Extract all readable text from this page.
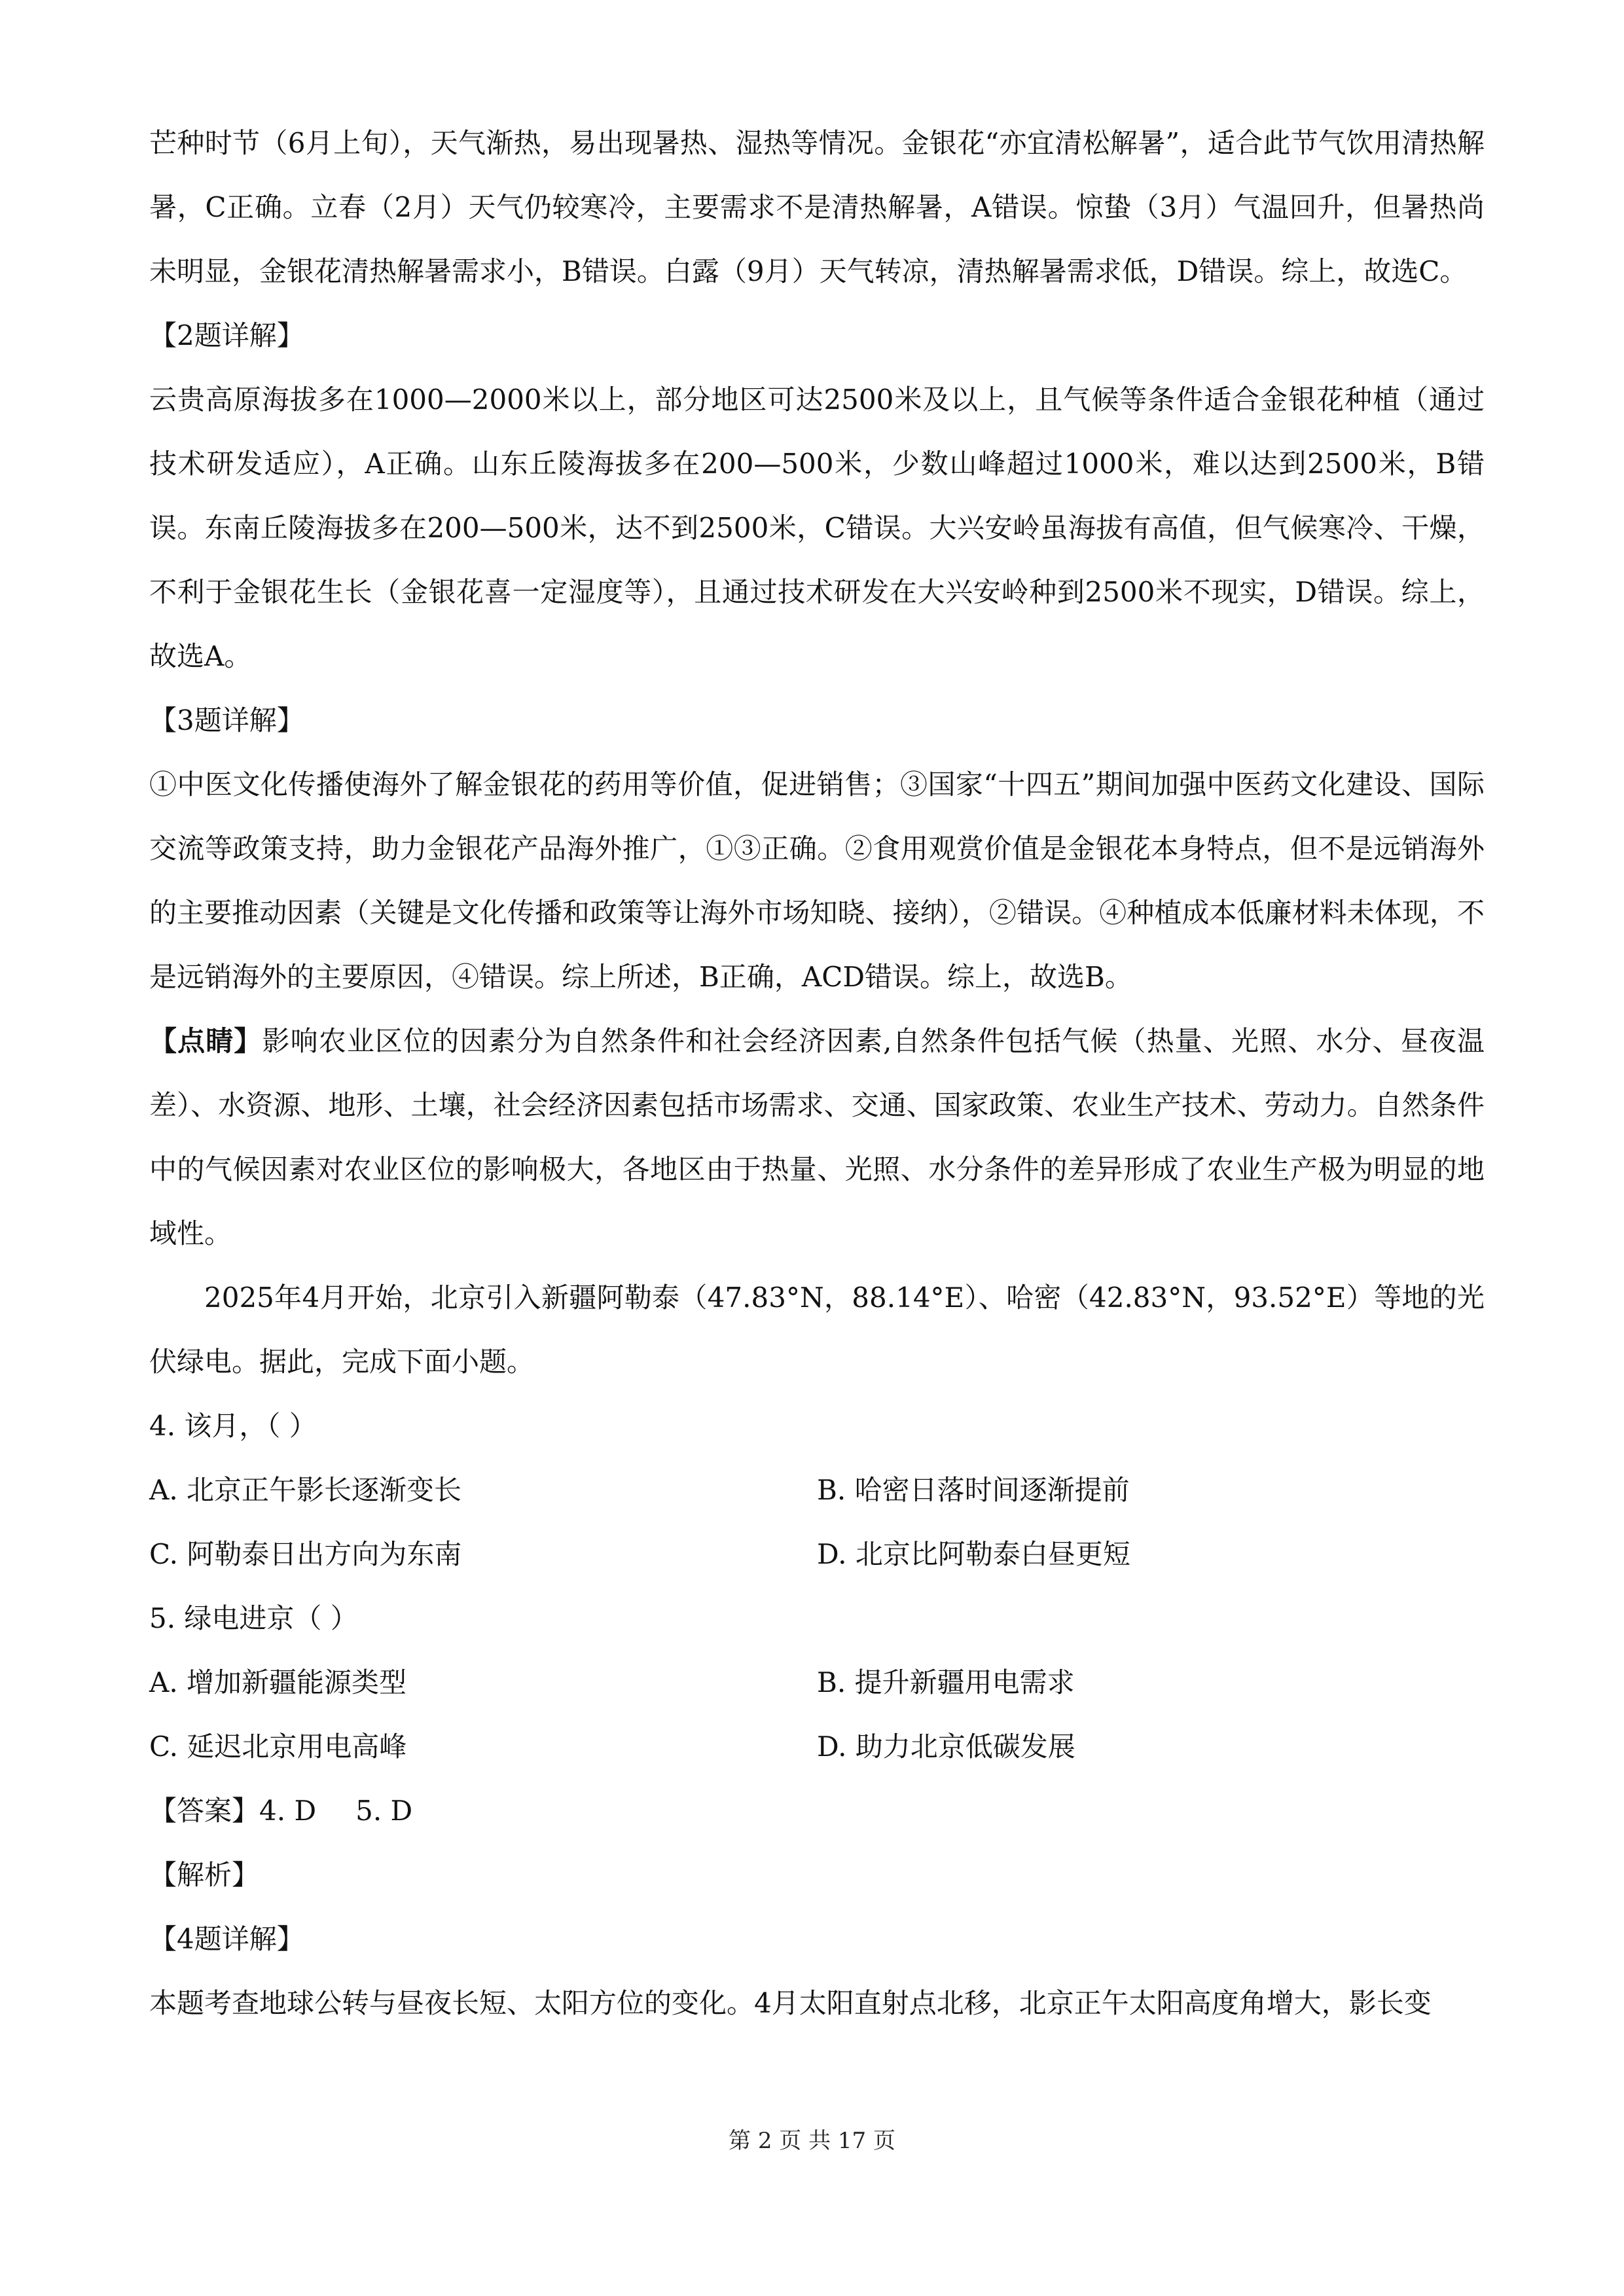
芒种时节（6月上旬），天气渐热，易出现暑热、湿热等情况。金银花“亦宜清松解暑”，适合此节气饮用清热解暑，C正确。立春（2月）天气仍较寒冷，主要需求不是清热解暑，A错误。惊蛰（3月）气温回升，但暑热尚未明显，金银花清热解暑需求小，B错误。白露（9月）天气转凉，清热解暑需求低，D错误。综上，故选C。

【2题详解】

云贵高原海拔多在1000—2000米以上，部分地区可达2500米及以上，且气候等条件适合金银花种植（通过技术研发适应），A正确。山东丘陵海拔多在200—500米，少数山峰超过1000米，难以达到2500米，B错误。东南丘陵海拔多在200—500米，达不到2500米，C错误。大兴安岭虽海拔有高值，但气候寒冷、干燥，不利于金银花生长（金银花喜一定湿度等），且通过技术研发在大兴安岭种到2500米不现实，D错误。综上，故选A。

【3题详解】

①中医文化传播使海外了解金银花的药用等价值，促进销售；③国家“十四五”期间加强中医药文化建设、国际交流等政策支持，助力金银花产品海外推广，①③正确。②食用观赏价值是金银花本身特点，但不是远销海外的主要推动因素（关键是文化传播和政策等让海外市场知晓、接纳），②错误。④种植成本低廉材料未体现，不是远销海外的主要原因，④错误。综上所述，B正确，ACD错误。综上，故选B。

【点睛】影响农业区位的因素分为自然条件和社会经济因素,自然条件包括气候（热量、光照、水分、昼夜温差）、水资源、地形、土壤，社会经济因素包括市场需求、交通、国家政策、农业生产技术、劳动力。自然条件中的气候因素对农业区位的影响极大，各地区由于热量、光照、水分条件的差异形成了农业生产极为明显的地域性。

2025年4月开始，北京引入新疆阿勒泰（47.83°N，88.14°E）、哈密（42.83°N，93.52°E）等地的光伏绿电。据此，完成下面小题。

4. 该月，（ ）

A. 北京正午影长逐渐变长	B. 哈密日落时间逐渐提前
C. 阿勒泰日出方向为东南	D. 北京比阿勒泰白昼更短

5. 绿电进京（ ）

A. 增加新疆能源类型	B. 提升新疆用电需求
C. 延迟北京用电高峰	D. 助力北京低碳发展

【答案】4. D 5. D

【解析】

【4题详解】

本题考查地球公转与昼夜长短、太阳方位的变化。4月太阳直射点北移，北京正午太阳高度角增大，影长变

第 2 页 共 17 页
